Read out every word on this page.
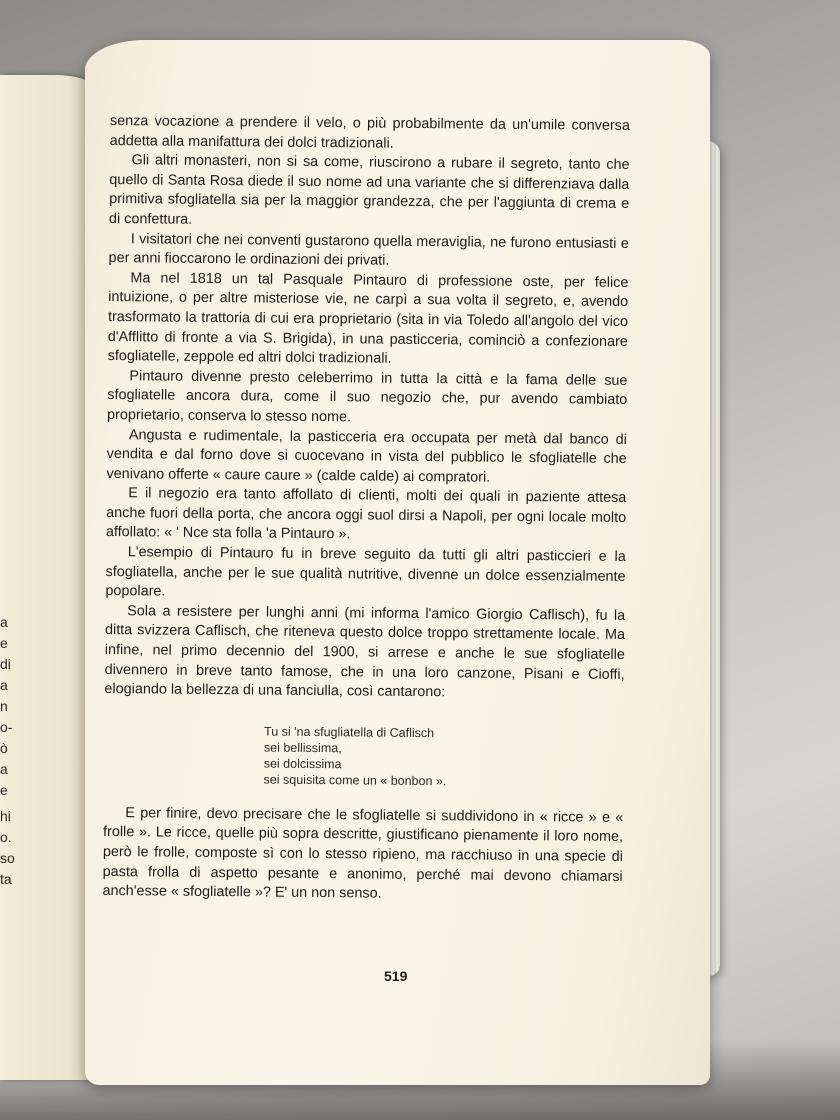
a
e
di
a
n
o-
ò
a
e
hi
o.
so
ta

senza vocazione a prendere il velo, o più probabilmente da un'umile conversa addetta alla manifattura dei dolci tradizionali.

Gli altri monasteri, non si sa come, riuscirono a rubare il segreto, tanto che quello di Santa Rosa diede il suo nome ad una variante che si differenziava dalla primitiva sfogliatella sia per la maggior grandezza, che per l'aggiunta di crema e di confettura.

I visitatori che nei conventi gustarono quella meraviglia, ne furono entusiasti e per anni fioccarono le ordinazioni dei privati.

Ma nel 1818 un tal Pasquale Pintauro di professione oste, per felice intuizione, o per altre misteriose vie, ne carpì a sua volta il segreto, e, avendo trasformato la trattoria di cui era proprietario (sita in via Toledo all'angolo del vico d'Afflitto di fronte a via S. Brigida), in una pasticceria, cominciò a confezionare sfogliatelle, zeppole ed altri dolci tradizionali.

Pintauro divenne presto celeberrimo in tutta la città e la fama delle sue sfogliatelle ancora dura, come il suo negozio che, pur avendo cambiato proprietario, conserva lo stesso nome.

Angusta e rudimentale, la pasticceria era occupata per metà dal banco di vendita e dal forno dove si cuocevano in vista del pubblico le sfogliatelle che venivano offerte « caure caure » (calde calde) ai compratori.

E il negozio era tanto affollato di clienti, molti dei quali in paziente attesa anche fuori della porta, che ancora oggi suol dirsi a Napoli, per ogni locale molto affollato: « ' Nce sta folla 'a Pintauro ».

L'esempio di Pintauro fu in breve seguito da tutti gli altri pasticcieri e la sfogliatella, anche per le sue qualità nutritive, divenne un dolce essenzialmente popolare.

Sola a resistere per lunghi anni (mi informa l'amico Giorgio Caflisch), fu la ditta svizzera Caflisch, che riteneva questo dolce troppo strettamente locale. Ma infine, nel primo decennio del 1900, si arrese e anche le sue sfogliatelle divennero in breve tanto famose, che in una loro canzone, Pisani e Cioffi, elogiando la bellezza di una fanciulla, così cantarono:

Tu si 'na sfugliatella di Caflisch
sei bellissima,
sei dolcissima
sei squisita come un « bonbon ».

E per finire, devo precisare che le sfogliatelle si suddividono in « ricce » e « frolle ». Le ricce, quelle più sopra descritte, giustificano pienamente il loro nome, però le frolle, composte sì con lo stesso ripieno, ma racchiuso in una specie di pasta frolla di aspetto pesante e anonimo, perché mai devono chiamarsi anch'esse « sfogliatelle »? E' un non senso.

519
